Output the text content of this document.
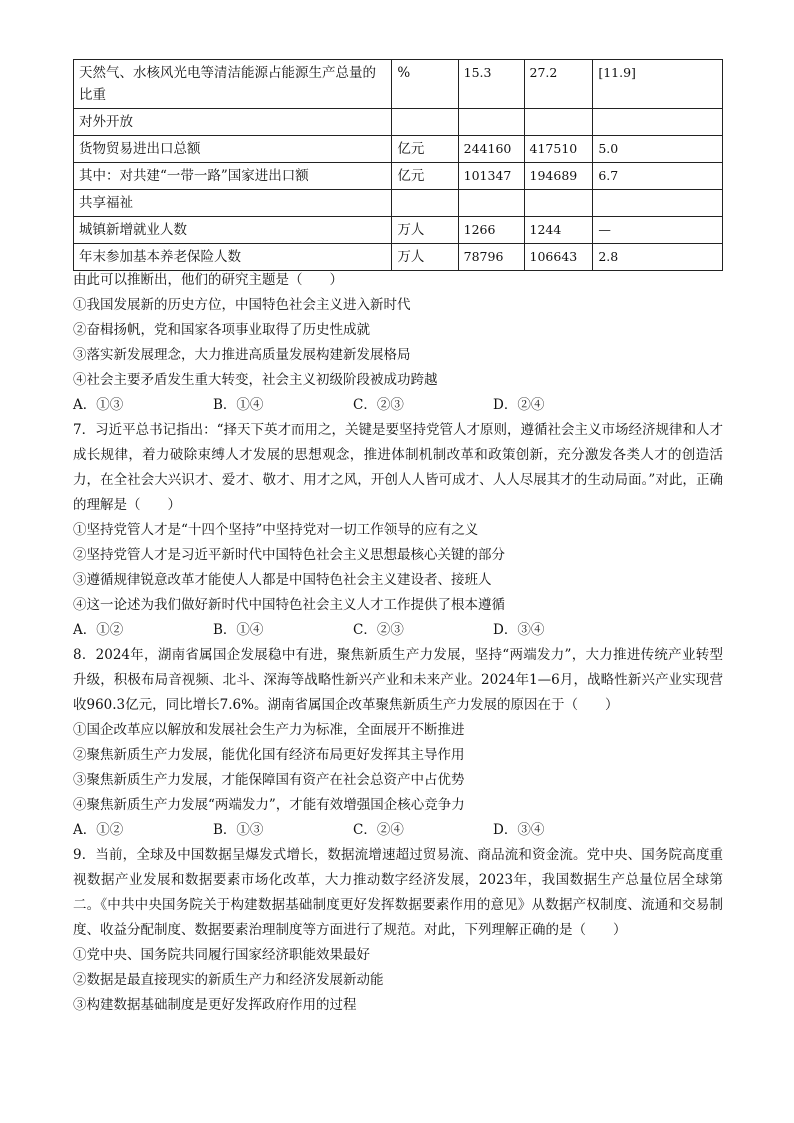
天然气、水核风光电等清洁能源占能源生产总量的比重	%	15.3	27.2	[11.9]
对外开放				
货物贸易进出口总额	亿元	244160	417510	5.0
其中：对共建“一带一路”国家进出口额	亿元	101347	194689	6.7
共享福祉				
城镇新增就业人数	万人	1266	1244	—
年末参加基本养老保险人数	万人	78796	106643	2.8

由此可以推断出，他们的研究主题是（　　）

①我国发展新的历史方位，中国特色社会主义进入新时代

②奋楫扬帆，党和国家各项事业取得了历史性成就

③落实新发展理念，大力推进高质量发展构建新发展格局

④社会主要矛盾发生重大转变，社会主义初级阶段被成功跨越

A．①③	B．①④	C．②③	D．②④

7．习近平总书记指出：“择天下英才而用之，关键是要坚持党管人才原则，遵循社会主义市场经济规律和人才成长规律，着力破除束缚人才发展的思想观念，推进体制机制改革和政策创新，充分激发各类人才的创造活力，在全社会大兴识才、爱才、敬才、用才之风，开创人人皆可成才、人人尽展其才的生动局面。”对此，正确的理解是（　　）

①坚持党管人才是“十四个坚持”中坚持党对一切工作领导的应有之义

②坚持党管人才是习近平新时代中国特色社会主义思想最核心关键的部分

③遵循规律锐意改革才能使人人都是中国特色社会主义建设者、接班人

④这一论述为我们做好新时代中国特色社会主义人才工作提供了根本遵循

A．①②	B．①④	C．②③	D．③④

8．2024年，湖南省属国企发展稳中有进，聚焦新质生产力发展，坚持“两端发力”，大力推进传统产业转型升级，积极布局音视频、北斗、深海等战略性新兴产业和未来产业。2024年1—6月，战略性新兴产业实现营收960.3亿元，同比增长7.6%。湖南省属国企改革聚焦新质生产力发展的原因在于（　　）

①国企改革应以解放和发展社会生产力为标准，全面展开不断推进

②聚焦新质生产力发展，能优化国有经济布局更好发挥其主导作用

③聚焦新质生产力发展，才能保障国有资产在社会总资产中占优势

④聚焦新质生产力发展“两端发力”，才能有效增强国企核心竞争力

A．①②	B．①③	C．②④	D．③④

9．当前，全球及中国数据呈爆发式增长，数据流增速超过贸易流、商品流和资金流。党中央、国务院高度重视数据产业发展和数据要素市场化改革，大力推动数字经济发展，2023年，我国数据生产总量位居全球第二。《中共中央国务院关于构建数据基础制度更好发挥数据要素作用的意见》从数据产权制度、流通和交易制度、收益分配制度、数据要素治理制度等方面进行了规范。对此，下列理解正确的是（　　）

①党中央、国务院共同履行国家经济职能效果最好

②数据是最直接现实的新质生产力和经济发展新动能

③构建数据基础制度是更好发挥政府作用的过程
